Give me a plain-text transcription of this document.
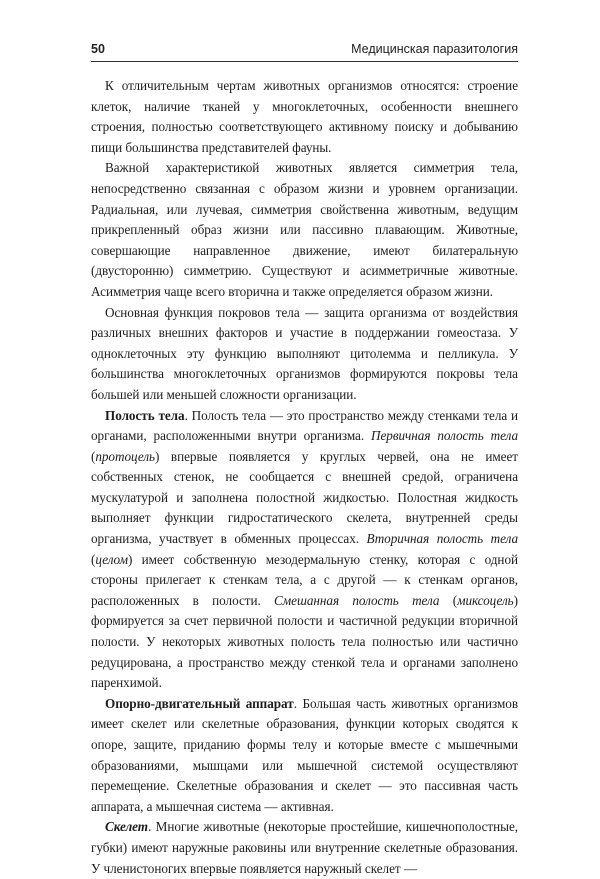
50	Медицинская паразитология

К отличительным чертам животных организмов относятся: строение клеток, наличие тканей у многоклеточных, особенности внешнего строения, полностью соответствующего активному поиску и добыванию пищи большинства представителей фауны.

Важной характеристикой животных является симметрия тела, непосредственно связанная с образом жизни и уровнем организации. Радиальная, или лучевая, симметрия свойственна животным, ведущим прикрепленный образ жизни или пассивно плавающим. Животные, совершающие направленное движение, имеют билатеральную (двусторонню) симметрию. Существуют и асимметричные животные. Асимметрия чаще всего вторична и также определяется образом жизни.

Основная функция покровов тела — защита организма от воздействия различных внешних факторов и участие в поддержании гомеостаза. У одноклеточных эту функцию выполняют цитолемма и пелликула. У большинства многоклеточных организмов формируются покровы тела большей или меньшей сложности организации.

Полость тела. Полость тела — это пространство между стенками тела и органами, расположенными внутри организма. Первичная полость тела (протоцель) впервые появляется у круглых червей, она не имеет собственных стенок, не сообщается с внешней средой, ограничена мускулатурой и заполнена полостной жидкостью. Полостная жидкость выполняет функции гидростатического скелета, внутренней среды организма, участвует в обменных процессах. Вторичная полость тела (целом) имеет собственную мезодермальную стенку, которая с одной стороны прилегает к стенкам тела, а с другой — к стенкам органов, расположенных в полости. Смешанная полость тела (миксоцель) формируется за счет первичной полости и частичной редукции вторичной полости. У некоторых животных полость тела полностью или частично редуцирована, а пространство между стенкой тела и органами заполнено паренхимой.

Опорно-двигательный аппарат. Большая часть животных организмов имеет скелет или скелетные образования, функции которых сводятся к опоре, защите, приданию формы телу и которые вместе с мышечными образованиями, мышцами или мышечной системой осуществляют перемещение. Скелетные образования и скелет — это пассивная часть аппарата, а мышечная система — активная.

Скелет. Многие животные (некоторые простейшие, кишечнополостные, губки) имеют наружные раковины или внутренние скелетные образования. У членистоногих впервые появляется наружный скелет —
